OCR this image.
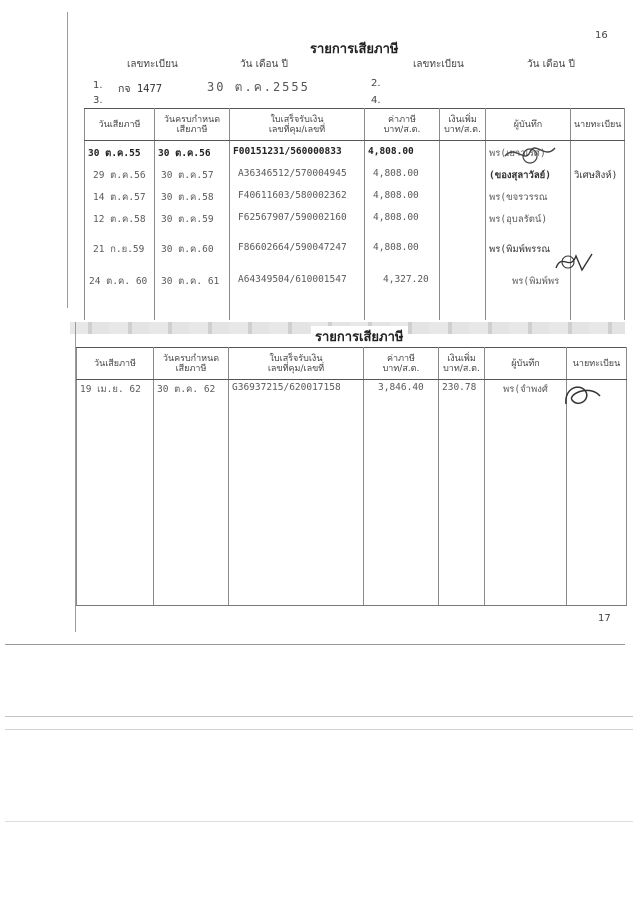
16
รายการเสียภาษี
เลขทะเบียน	วัน เดือน ปี	เลขทะเบียน	วัน เดือน ปี
1. กจ 1477	30 ต.ค.2555	2.
3.	4.
วันเสียภาษี	วันครบกำหนด
เสียภาษี	ใบเสร็จรับเงิน
เลขที่คุม/เลขที่	ค่าภาษี
บาท/ส.ต.	เงินเพิ่ม
บาท/ส.ต.	ผู้บันทึก	นายทะเบียน
30 ต.ค.55	30 ต.ค.56	F00151231/560000833	4,808.00		พร(เยาวเรศ)	
29 ต.ค.56	30 ต.ค.57	A36346512/570004945	4,808.00		(ของสุลาวัลย์)	วิเศษสิงห์)
14 ต.ค.57	30 ต.ค.58	F40611603/580002362	4,808.00		พร(ขจรวรรณ	
12 ต.ค.58	30 ต.ค.59	F62567907/590002160	4,808.00		พร(อุบลรัตน์)	
21 ก.ย.59	30 ต.ค.60	F86602664/590047247	4,808.00		พร(พิมพ์พรรณ	
24 ต.ค. 60	30 ต.ค. 61	A64349504/610001547	4,327.20		พร(พิมพ์พร	
รายการเสียภาษี
วันเสียภาษี	วันครบกำหนด
เสียภาษี	ใบเสร็จรับเงิน
เลขที่คุม/เลขที่	ค่าภาษี
บาท/ส.ต.	เงินเพิ่ม
บาท/ส.ต.	ผู้บันทึก	นายทะเบียน
19 เม.ย. 62	30 ต.ค. 62	G36937215/620017158	3,846.40	230.78	พร(จำพงศ์	
17
